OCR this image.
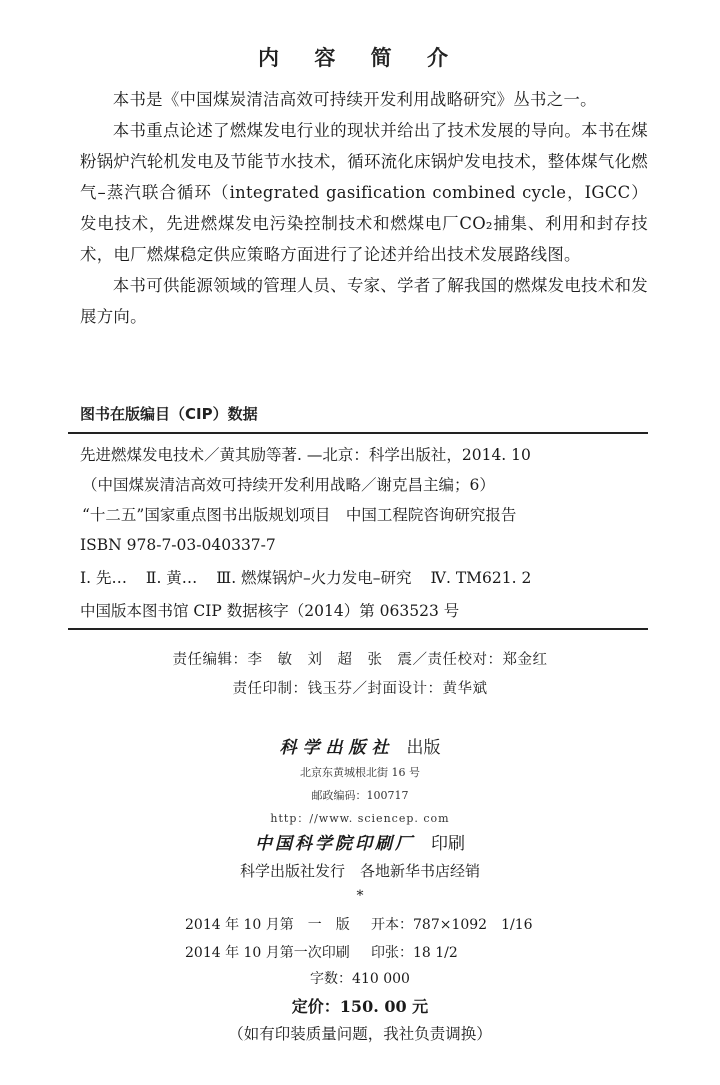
内 容 简 介

本书是《中国煤炭清洁高效可持续开发利用战略研究》丛书之一。

本书重点论述了燃煤发电行业的现状并给出了技术发展的导向。本书在煤粉锅炉汽轮机发电及节能节水技术，循环流化床锅炉发电技术，整体煤气化燃气–蒸汽联合循环（integrated gasification combined cycle，IGCC）发电技术，先进燃煤发电污染控制技术和燃煤电厂CO₂捕集、利用和封存技术，电厂燃煤稳定供应策略方面进行了论述并给出技术发展路线图。

本书可供能源领域的管理人员、专家、学者了解我国的燃煤发电技术和发展方向。

图书在版编目（CIP）数据
先进燃煤发电技术／黄其励等著. —北京：科学出版社，2014. 10
（中国煤炭清洁高效可持续开发利用战略／谢克昌主编；6）
“十二五”国家重点图书出版规划项目　中国工程院咨询研究报告
ISBN 978-7-03-040337-7
Ⅰ. 先… Ⅱ. 黄… Ⅲ. 燃煤锅炉–火力发电–研究 Ⅳ. TM621. 2
中国版本图书馆 CIP 数据核字（2014）第 063523 号
责任编辑：李　敏　刘　超　张　震／责任校对：郑金红
责任印制：钱玉芬／封面设计：黄华斌
科学出版社 出版
北京东黄城根北街 16 号
邮政编码：100717
http：//www. sciencep. com
中国科学院印刷厂 印刷
科学出版社发行　各地新华书店经销
*
2014 年 10 月第　一　版 开本：787×1092　1/16
2014 年 10 月第一次印刷 印张：18 1/2
字数：410 000
定价：150. 00 元
（如有印装质量问题，我社负责调换）
